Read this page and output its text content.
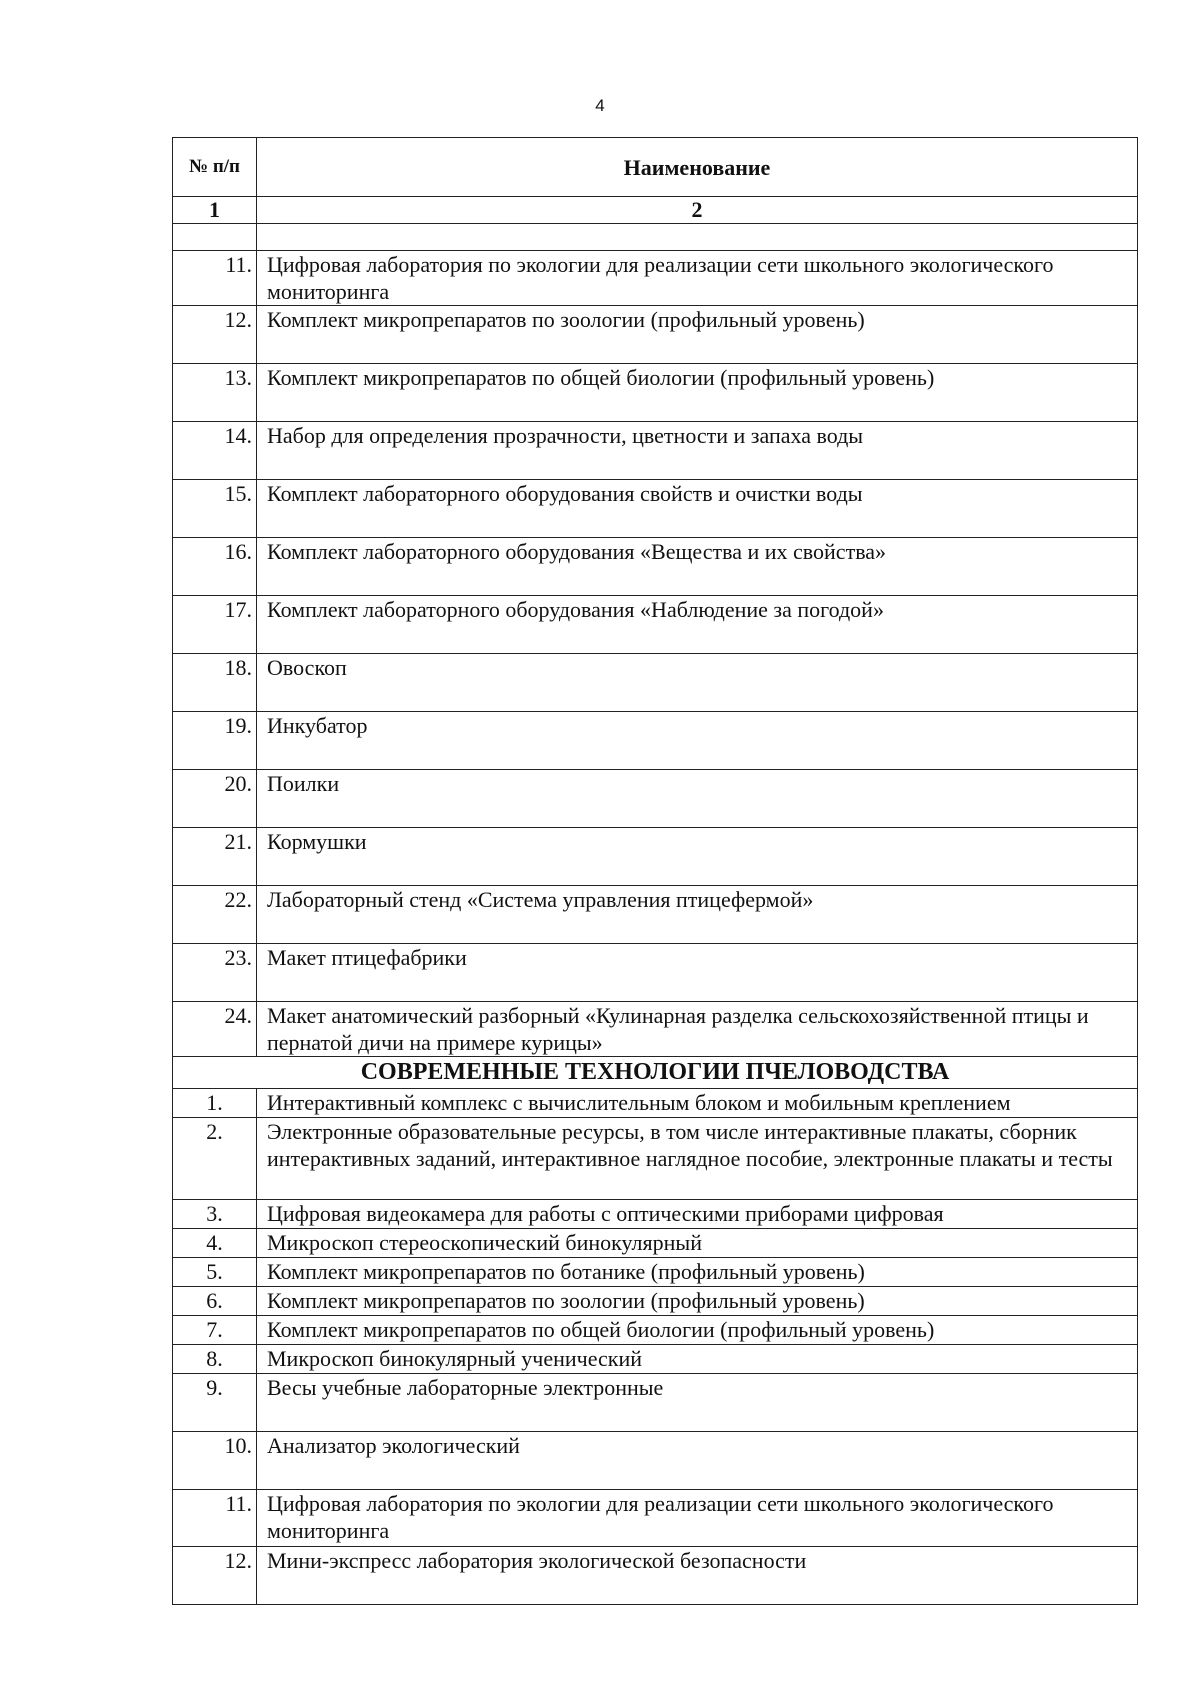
4
№ п/п	Наименование
1	2

11.	Цифровая лаборатория по экологии для реализации сети школьного экологического мониторинга
12.	Комплект микропрепаратов по зоологии (профильный уровень)
13.	Комплект микропрепаратов по общей биологии (профильный уровень)
14.	Набор для определения прозрачности, цветности и запаха воды
15.	Комплект лабораторного оборудования свойств и очистки воды
16.	Комплект лабораторного оборудования «Вещества и их свойства»
17.	Комплект лабораторного оборудования «Наблюдение за погодой»
18.	Овоскоп
19.	Инкубатор
20.	Поилки
21.	Кормушки
22.	Лабораторный стенд «Система управления птицефермой»
23.	Макет птицефабрики
24.	Макет анатомический разборный «Кулинарная разделка сельскохозяйственной птицы и пернатой дичи на примере курицы»
СОВРЕМЕННЫЕ ТЕХНОЛОГИИ ПЧЕЛОВОДСТВА	
1.	Интерактивный комплекс с вычислительным блоком и мобильным креплением
2.	Электронные образовательные ресурсы, в том числе интерактивные плакаты, сборник интерактивных заданий, интерактивное наглядное пособие, электронные плакаты и тесты
3.	Цифровая видеокамера для работы с оптическими приборами цифровая
4.	Микроскоп стереоскопический бинокулярный
5.	Комплект микропрепаратов по ботанике (профильный уровень)
6.	Комплект микропрепаратов по зоологии (профильный уровень)
7.	Комплект микропрепаратов по общей биологии (профильный уровень)
8.	Микроскоп бинокулярный ученический
9.	Весы учебные лабораторные электронные
10.	Анализатор экологический
11.	Цифровая лаборатория по экологии для реализации сети школьного экологического мониторинга
12.	Мини-экспресс лаборатория экологической безопасности
